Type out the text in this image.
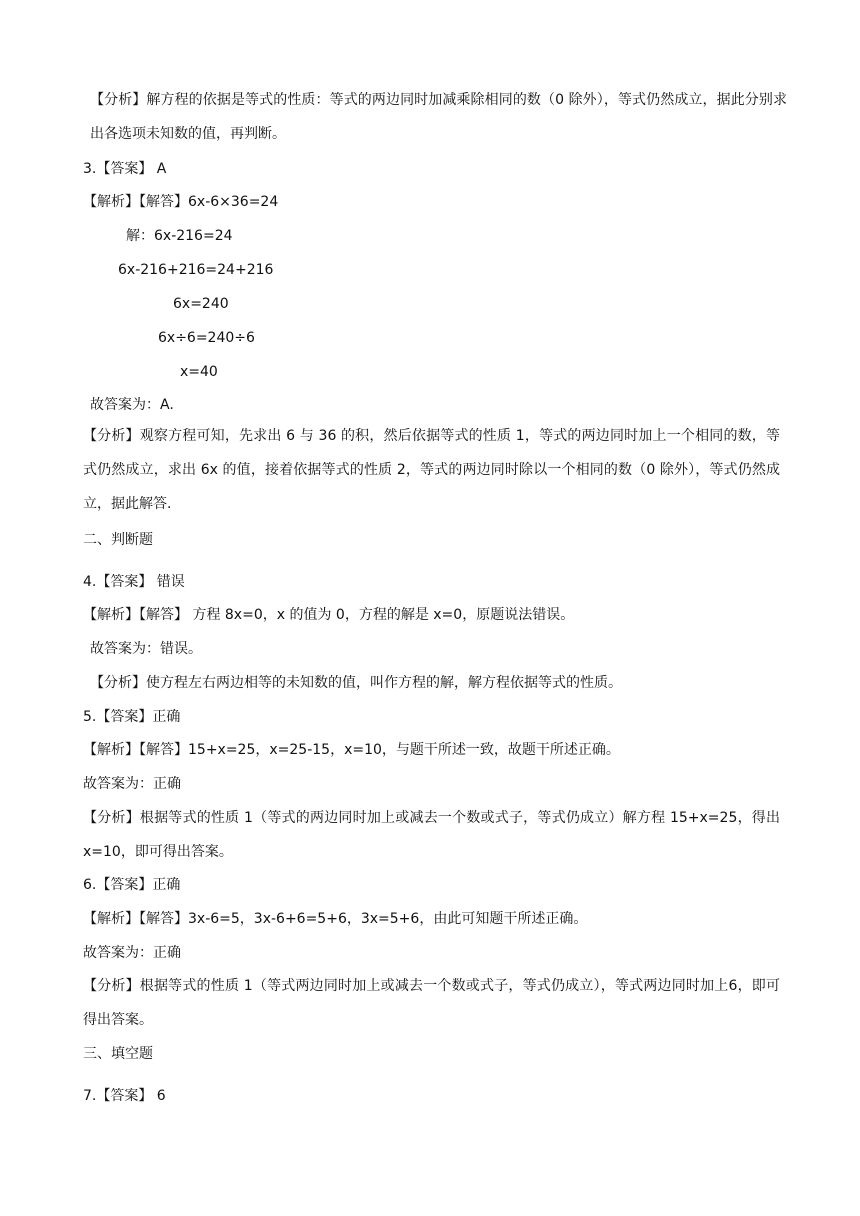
【分析】解方程的依据是等式的性质：等式的两边同时加减乘除相同的数（0 除外），等式仍然成立，据此分别求出各选项未知数的值，再判断。
3.【答案】 A
【解析】【解答】6x-6×36=24
解：6x-216=24
6x-216+216=24+216
6x=240
6x÷6=240÷6
x=40
故答案为：A.
【分析】观察方程可知，先求出 6 与 36 的积，然后依据等式的性质 1，等式的两边同时加上一个相同的数，等式仍然成立，求出 6x 的值，接着依据等式的性质 2，等式的两边同时除以一个相同的数（0 除外），等式仍然成立，据此解答.
二、判断题
4.【答案】 错误
【解析】【解答】 方程 8x=0，x 的值为 0，方程的解是 x=0，原题说法错误。
故答案为：错误。
【分析】使方程左右两边相等的未知数的值，叫作方程的解，解方程依据等式的性质。
5.【答案】正确
【解析】【解答】15+x=25，x=25-15，x=10，与题干所述一致，故题干所述正确。
故答案为：正确
【分析】根据等式的性质 1（等式的两边同时加上或减去一个数或式子，等式仍成立）解方程 15+x=25，得出 x=10，即可得出答案。
6.【答案】正确
【解析】【解答】3x-6=5，3x-6+6=5+6，3x=5+6，由此可知题干所述正确。
故答案为：正确
【分析】根据等式的性质 1（等式两边同时加上或减去一个数或式子，等式仍成立），等式两边同时加上6，即可得出答案。
三、填空题
7.【答案】 6
